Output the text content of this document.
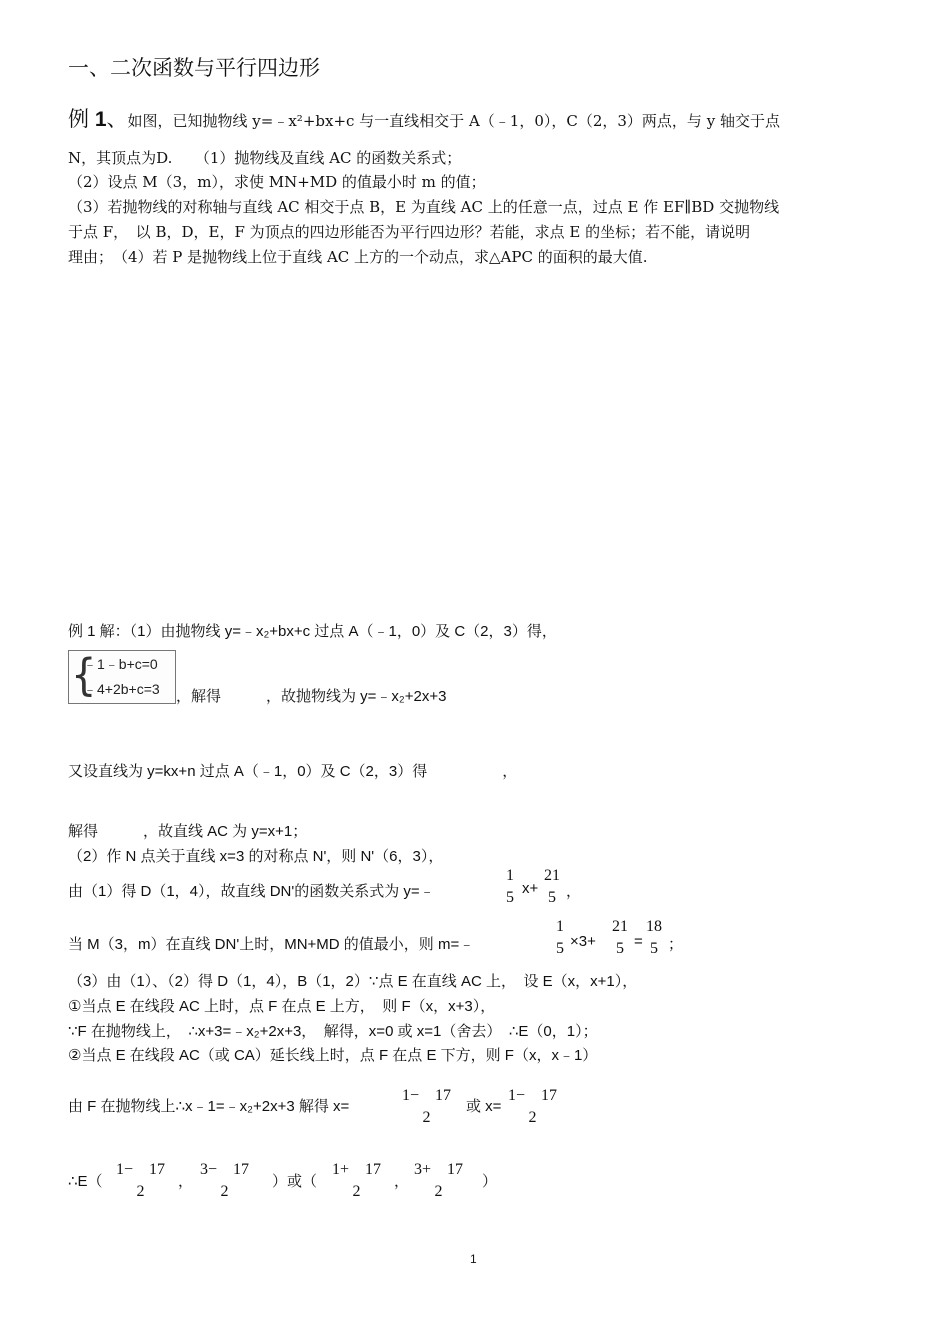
一、二次函数与平行四边形
例 1、如图，已知抛物线 y=﹣x²+bx+c 与一直线相交于 A（﹣1，0），C（2，3）两点，与 y 轴交于点
N，其顶点为D.　　（1）抛物线及直线 AC 的函数关系式；
（2）设点 M（3，m），求使 MN+MD 的值最小时 m 的值；
（3）若抛物线的对称轴与直线 AC 相交于点 B，E 为直线 AC 上的任意一点，过点 E 作 EF∥BD 交抛物线
于点 F，　以 B，D，E，F 为顶点的四边形能否为平行四边形？若能，求点 E 的坐标；若不能，请说明
理由；　（4）若 P 是抛物线上位于直线 AC 上方的一个动点，求△APC 的面积的最大值.
例 1 解：（1）由抛物线 y=﹣x₂+bx+c 过点 A（﹣1，0）及 C（2，3）得，
{
﹣1﹣b+c=0
﹣4+2b+c=3 ，解得　　　，故抛物线为 y=﹣x₂+2x+3
又设直线为 y=kx+n 过点 A（﹣1，0）及 C（2，3）得　　　　　，
解得　　　，故直线 AC 为 y=x+1；
（2）作 N 点关于直线 x=3 的对称点 N'，则 N'（6，3），
由（1）得 D（1，4），故直线 DN'的函数关系式为 y=﹣
1
5
x+
21
5 ，
当 M（3，m）在直线 DN'上时，MN+MD 的值最小，则 m=﹣
1
5 ×3+
21
5 =
18
5 ；
（3）由（1）、（2）得 D（1，4），B（1，2）∵点 E 在直线 AC 上，　设 E（x，x+1），
①当点 E 在线段 AC 上时，点 F 在点 E 上方，　则 F（x，x+3），
∵F 在抛物线上，　∴x+3=﹣x₂+2x+3，　解得，x=0 或 x=1（舍去）　∴E（0，1）；
②当点 E 在线段 AC（或 CA）延长线上时，点 F 在点 E 下方，则 F（x，x﹣1）
由 F 在抛物线上∴x﹣1=﹣x₂+2x+3 解得 x=
1−　17
2
或 x=
1−　17
2
∴E（
1−　17
2
，
3−　17
2
）或（
1+　17
2
，
3+　17
2
）
1
